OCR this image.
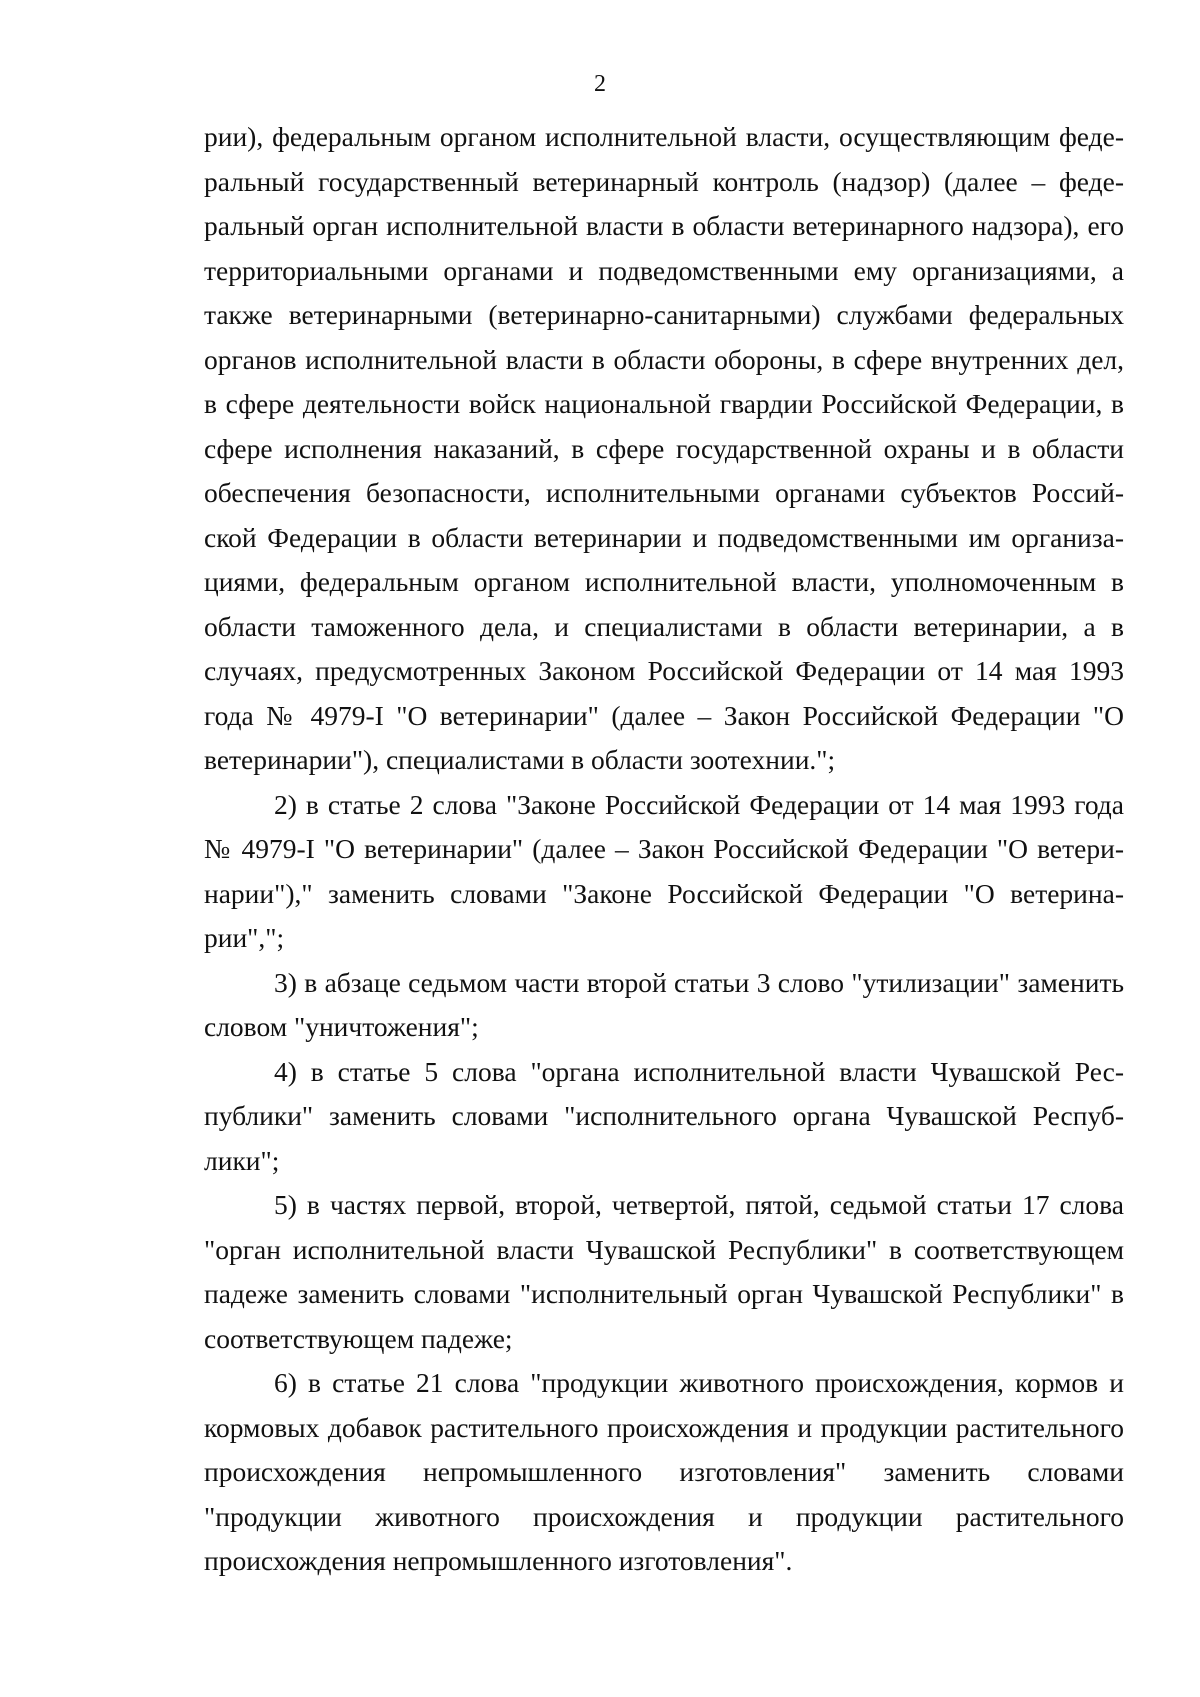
2

рии), федеральным органом исполнительной власти, осуществляющим федеральный государственный ветеринарный контроль (надзор) (далее – федеральный орган исполнительной власти в области ветеринарного надзора), его территориальными органами и подведомственными ему организациями, а также ветеринарными (ветеринарно-санитарными) службами федеральных органов исполнительной власти в области обороны, в сфере внутренних дел, в сфере деятельности войск национальной гвардии Российской Федерации, в сфере исполнения наказаний, в сфере государственной охраны и в области обеспечения безопасности, исполнительными органами субъектов Российской Федерации в области ветеринарии и подведомственными им организациями, федеральным органом исполнительной власти, уполномоченным в области таможенного дела, и специалистами в области ветеринарии, а в случаях, предусмотренных Законом Российской Федерации от 14 мая 1993 года № 4979-I "О ветеринарии" (далее – Закон Российской Федерации "О ветеринарии"), специалистами в области зоотехнии.";

2) в статье 2 слова "Законе Российской Федерации от 14 мая 1993 года № 4979-I "О ветеринарии" (далее – Закон Российской Федерации "О ветеринарии")," заменить словами "Законе Российской Федерации "О ветеринарии",";

3) в абзаце седьмом части второй статьи 3 слово "утилизации" заменить словом "уничтожения";

4) в статье 5 слова "органа исполнительной власти Чувашской Республики" заменить словами "исполнительного органа Чувашской Республики";

5) в частях первой, второй, четвертой, пятой, седьмой статьи 17 слова "орган исполнительной власти Чувашской Республики" в соответствующем падеже заменить словами "исполнительный орган Чувашской Республики" в соответствующем падеже;

6) в статье 21 слова "продукции животного происхождения, кормов и кормовых добавок растительного происхождения и продукции растительного происхождения непромышленного изготовления" заменить словами "продукции животного происхождения и продукции растительного происхождения непромышленного изготовления".
